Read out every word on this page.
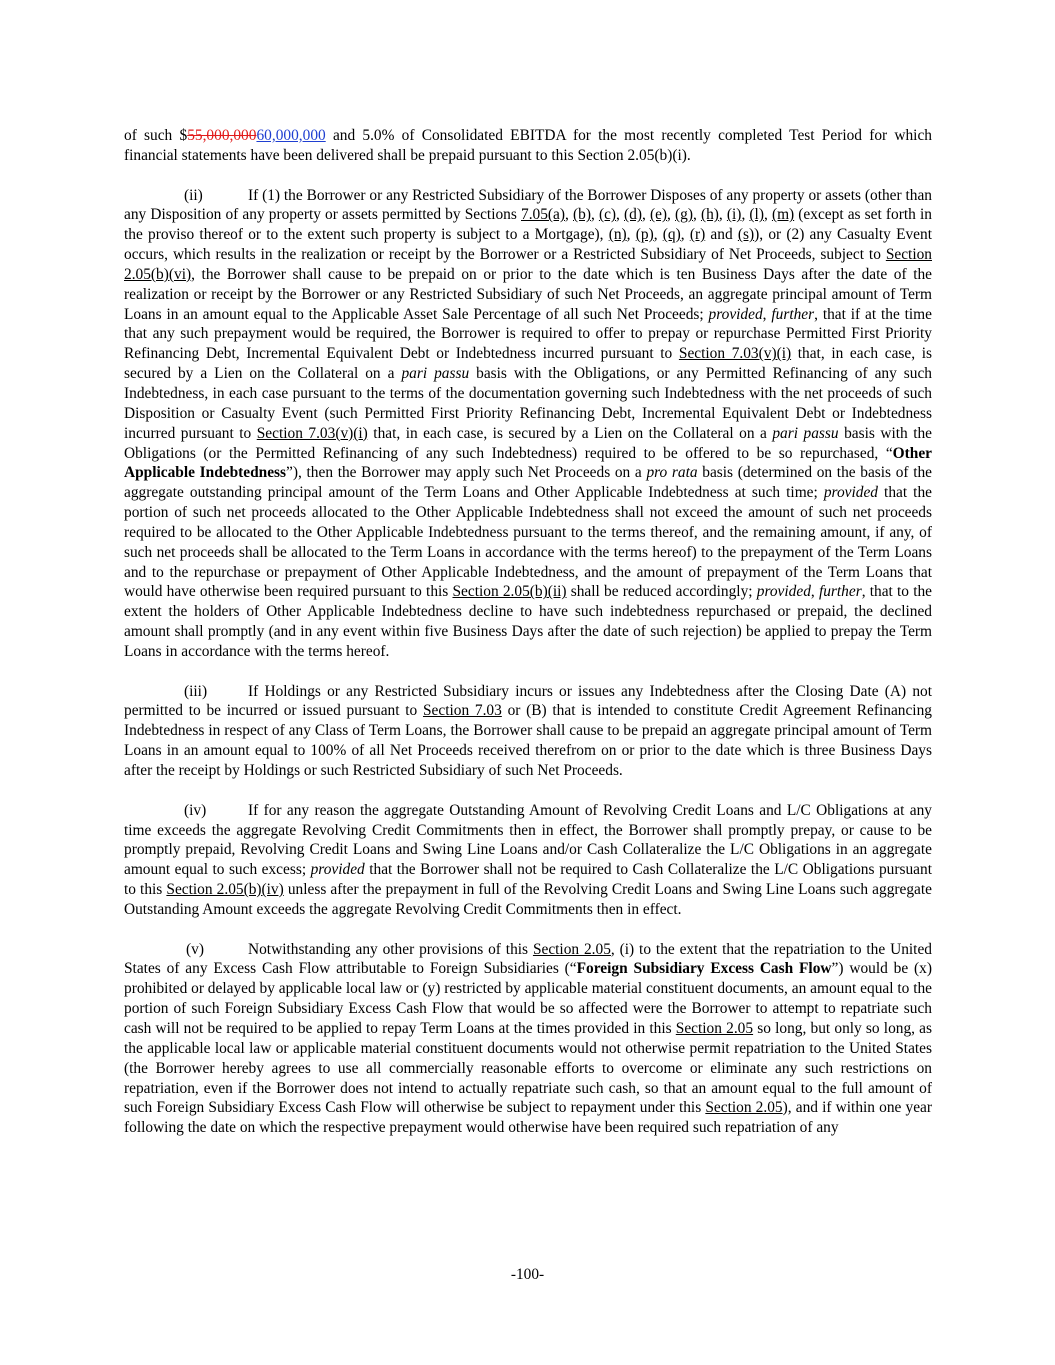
of such $55,000,00060,000,000 and 5.0% of Consolidated EBITDA for the most recently completed Test Period for which financial statements have been delivered shall be prepaid pursuant to this Section 2.05(b)(i).

(ii)	If (1) the Borrower or any Restricted Subsidiary of the Borrower Disposes of any property or assets (other than any Disposition of any property or assets permitted by Sections 7.05(a), (b), (c), (d), (e), (g), (h), (i), (l), (m) (except as set forth in the proviso thereof or to the extent such property is subject to a Mortgage), (n), (p), (q), (r) and (s)), or (2) any Casualty Event occurs, which results in the realization or receipt by the Borrower or a Restricted Subsidiary of Net Proceeds, subject to Section 2.05(b)(vi), the Borrower shall cause to be prepaid on or prior to the date which is ten Business Days after the date of the realization or receipt by the Borrower or any Restricted Subsidiary of such Net Proceeds, an aggregate principal amount of Term Loans in an amount equal to the Applicable Asset Sale Percentage of all such Net Proceeds; provided, further, that if at the time that any such prepayment would be required, the Borrower is required to offer to prepay or repurchase Permitted First Priority Refinancing Debt, Incremental Equivalent Debt or Indebtedness incurred pursuant to Section 7.03(v)(i) that, in each case, is secured by a Lien on the Collateral on a pari passu basis with the Obligations, or any Permitted Refinancing of any such Indebtedness, in each case pursuant to the terms of the documentation governing such Indebtedness with the net proceeds of such Disposition or Casualty Event (such Permitted First Priority Refinancing Debt, Incremental Equivalent Debt or Indebtedness incurred pursuant to Section 7.03(v)(i) that, in each case, is secured by a Lien on the Collateral on a pari passu basis with the Obligations (or the Permitted Refinancing of any such Indebtedness) required to be offered to be so repurchased, “Other Applicable Indebtedness”), then the Borrower may apply such Net Proceeds on a pro rata basis (determined on the basis of the aggregate outstanding principal amount of the Term Loans and Other Applicable Indebtedness at such time; provided that the portion of such net proceeds allocated to the Other Applicable Indebtedness shall not exceed the amount of such net proceeds required to be allocated to the Other Applicable Indebtedness pursuant to the terms thereof, and the remaining amount, if any, of such net proceeds shall be allocated to the Term Loans in accordance with the terms hereof) to the prepayment of the Term Loans and to the repurchase or prepayment of Other Applicable Indebtedness, and the amount of prepayment of the Term Loans that would have otherwise been required pursuant to this Section 2.05(b)(ii) shall be reduced accordingly; provided, further, that to the extent the holders of Other Applicable Indebtedness decline to have such indebtedness repurchased or prepaid, the declined amount shall promptly (and in any event within five Business Days after the date of such rejection) be applied to prepay the Term Loans in accordance with the terms hereof.

(iii)	If Holdings or any Restricted Subsidiary incurs or issues any Indebtedness after the Closing Date (A) not permitted to be incurred or issued pursuant to Section 7.03 or (B) that is intended to constitute Credit Agreement Refinancing Indebtedness in respect of any Class of Term Loans, the Borrower shall cause to be prepaid an aggregate principal amount of Term Loans in an amount equal to 100% of all Net Proceeds received therefrom on or prior to the date which is three Business Days after the receipt by Holdings or such Restricted Subsidiary of such Net Proceeds.

(iv)	If for any reason the aggregate Outstanding Amount of Revolving Credit Loans and L/C Obligations at any time exceeds the aggregate Revolving Credit Commitments then in effect, the Borrower shall promptly prepay, or cause to be promptly prepaid, Revolving Credit Loans and Swing Line Loans and/or Cash Collateralize the L/C Obligations in an aggregate amount equal to such excess; provided that the Borrower shall not be required to Cash Collateralize the L/C Obligations pursuant to this Section 2.05(b)(iv) unless after the prepayment in full of the Revolving Credit Loans and Swing Line Loans such aggregate Outstanding Amount exceeds the aggregate Revolving Credit Commitments then in effect.

(v)	Notwithstanding any other provisions of this Section 2.05, (i) to the extent that the repatriation to the United States of any Excess Cash Flow attributable to Foreign Subsidiaries (“Foreign Subsidiary Excess Cash Flow”) would be (x) prohibited or delayed by applicable local law or (y) restricted by applicable material constituent documents, an amount equal to the portion of such Foreign Subsidiary Excess Cash Flow that would be so affected were the Borrower to attempt to repatriate such cash will not be required to be applied to repay Term Loans at the times provided in this Section 2.05 so long, but only so long, as the applicable local law or applicable material constituent documents would not otherwise permit repatriation to the United States (the Borrower hereby agrees to use all commercially reasonable efforts to overcome or eliminate any such restrictions on repatriation, even if the Borrower does not intend to actually repatriate such cash, so that an amount equal to the full amount of such Foreign Subsidiary Excess Cash Flow will otherwise be subject to repayment under this Section 2.05), and if within one year following the date on which the respective prepayment would otherwise have been required such repatriation of any

-100-
